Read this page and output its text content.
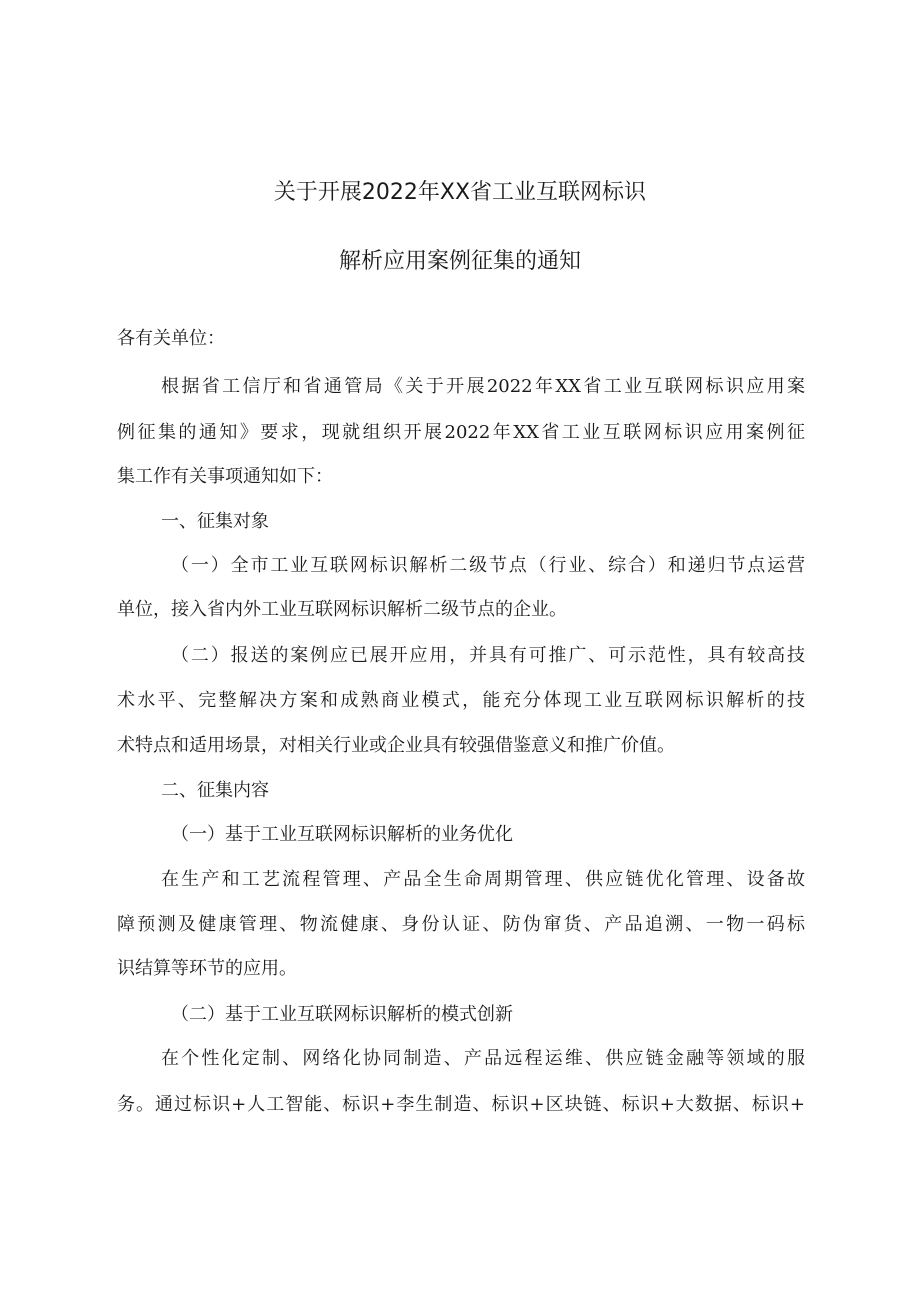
关于开展2022年XX省工业互联网标识
解析应用案例征集的通知

各有关单位：

根据省工信厅和省通管局《关于开展2022年XX省工业互联网标识应用案

例征集的通知》要求，现就组织开展2022年XX省工业互联网标识应用案例征

集工作有关事项通知如下：

一、征集对象

（一）全市工业互联网标识解析二级节点（行业、综合）和递归节点运营

单位，接入省内外工业互联网标识解析二级节点的企业。

（二）报送的案例应已展开应用，并具有可推广、可示范性，具有较高技

术水平、完整解决方案和成熟商业模式，能充分体现工业互联网标识解析的技

术特点和适用场景，对相关行业或企业具有较强借鉴意义和推广价值。

二、征集内容

（一）基于工业互联网标识解析的业务优化

在生产和工艺流程管理、产品全生命周期管理、供应链优化管理、设备故

障预测及健康管理、物流健康、身份认证、防伪窜货、产品追溯、一物一码标

识结算等环节的应用。

（二）基于工业互联网标识解析的模式创新

在个性化定制、网络化协同制造、产品远程运维、供应链金融等领域的服

务。通过标识+人工智能、标识+李生制造、标识+区块链、标识+大数据、标识+
